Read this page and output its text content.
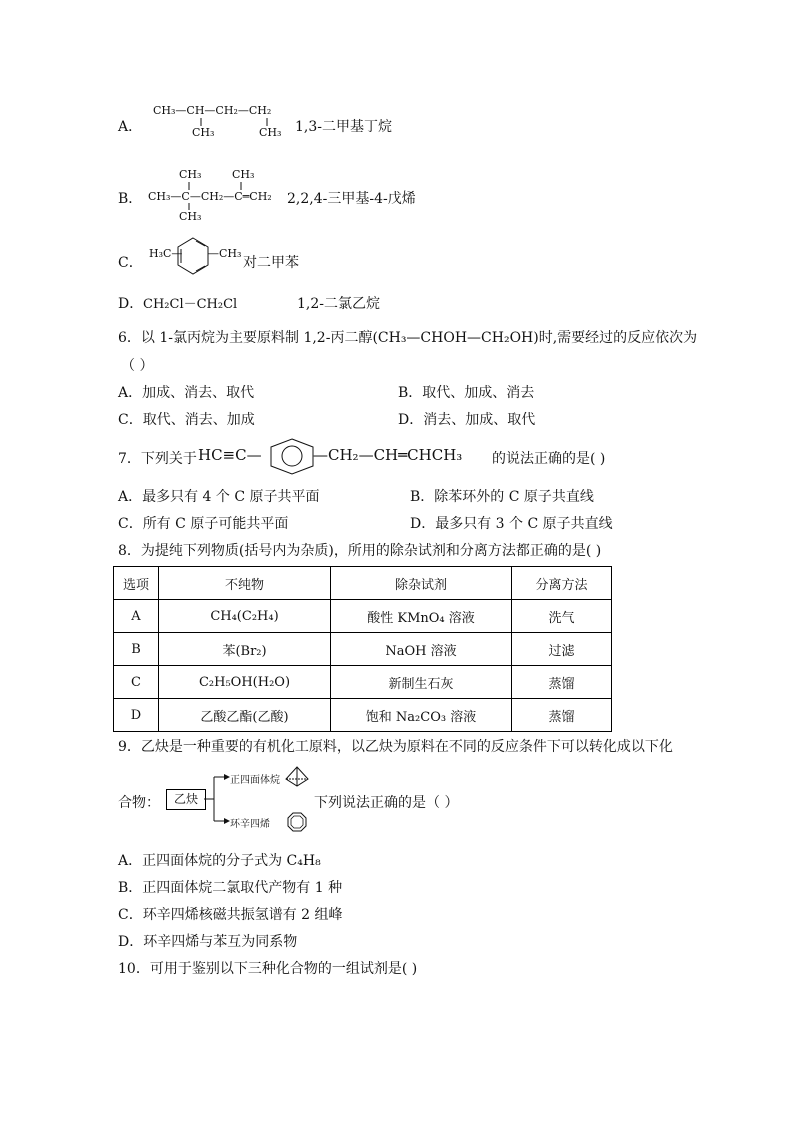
A．
CH₃—CH—CH₂—CH₂
CH₃	CH₃ 1,3-二甲基丁烷
B．
CH₃	CH₃
CH₃—C—CH₂—C═CH₂
CH₃
2,2,4-三甲基-4-戊烯
C．
H₃C— —CH₃
对二甲苯
D． CH₂Cl－CH₂Cl	1,2-二氯乙烷
6．以 1-氯丙烷为主要原料制 1,2-丙二醇(CH₃—CHOH—CH₂OH)时,需要经过的反应依次为
（ ）
A．加成、消去、取代	B．取代、加成、消去
C．取代、消去、加成	D．消去、加成、取代
7．下列关于 HC≡C—	—CH₂—CH═CHCH₃ 的说法正确的是( )
A．最多只有 4 个 C 原子共平面	B．除苯环外的 C 原子共直线
C．所有 C 原子可能共平面	D．最多只有 3 个 C 原子共直线
8．为提纯下列物质(括号内为杂质)，所用的除杂试剂和分离方法都正确的是( )
选项	不纯物	除杂试剂	分离方法
A	CH₄(C₂H₄)	酸性 KMnO₄ 溶液	洗气
B	苯(Br₂)	NaOH 溶液	过滤
C	C₂H₅OH(H₂O)	新制生石灰	蒸馏
D	乙酸乙酯(乙酸)	饱和 Na₂CO₃ 溶液	蒸馏
9．乙炔是一种重要的有机化工原料，以乙炔为原料在不同的反应条件下可以转化成以下化
合物：	乙炔
正四面体烷
环辛四烯
下列说法正确的是（ ）
A．正四面体烷的分子式为 C₄H₈
B．正四面体烷二氯取代产物有 1 种
C．环辛四烯核磁共振氢谱有 2 组峰
D．环辛四烯与苯互为同系物
10．可用于鉴别以下三种化合物的一组试剂是( )
